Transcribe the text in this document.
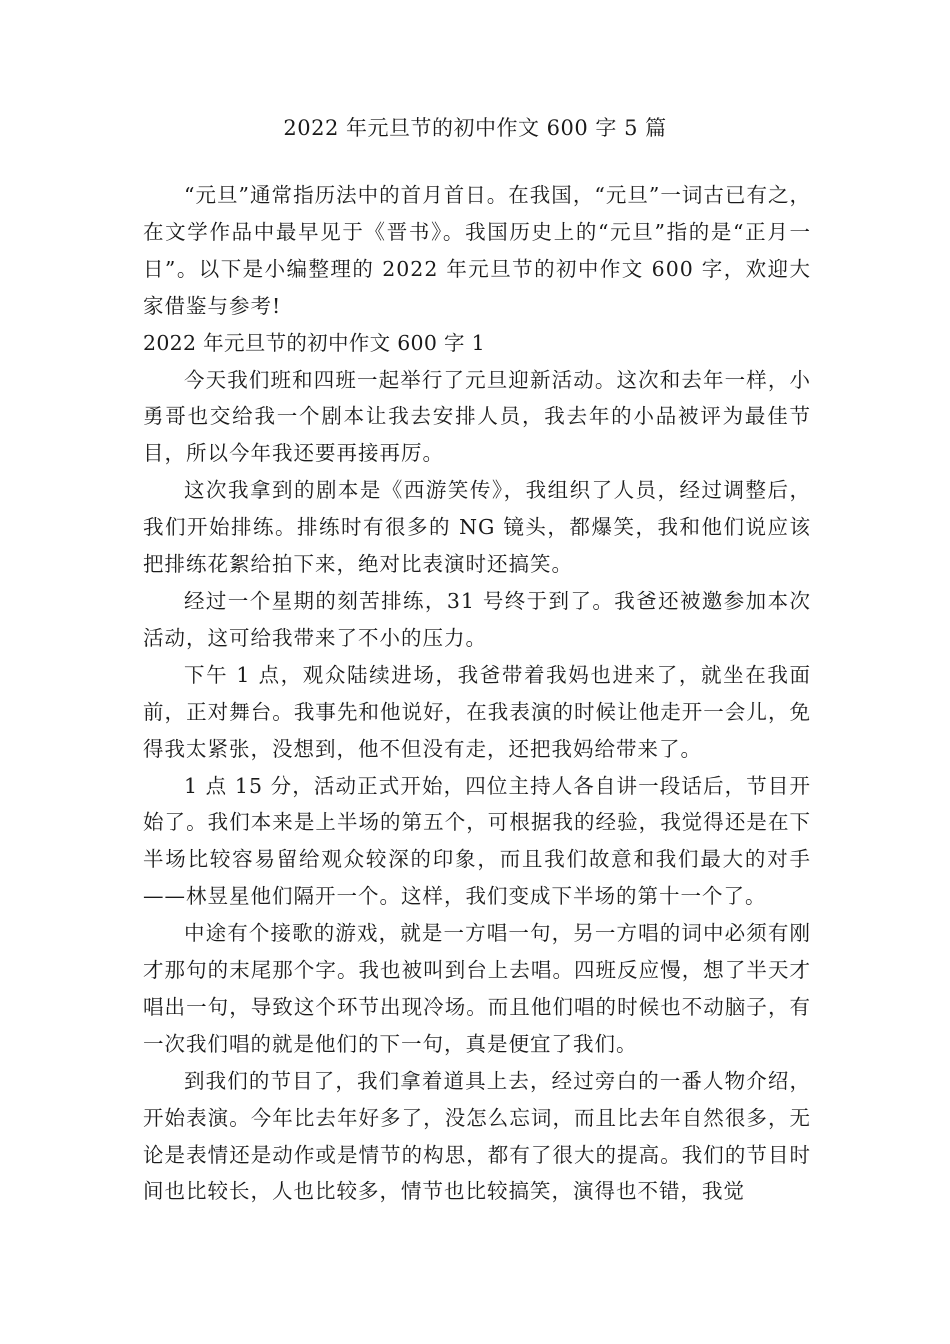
2022 年元旦节的初中作文 600 字 5 篇

“元旦”通常指历法中的首月首日。在我国，“元旦”一词古已有之，在文学作品中最早见于《晋书》。我国历史上的“元旦”指的是“正月一日”。以下是小编整理的 2022 年元旦节的初中作文 600 字，欢迎大家借鉴与参考!

2022 年元旦节的初中作文 600 字 1

今天我们班和四班一起举行了元旦迎新活动。这次和去年一样，小勇哥也交给我一个剧本让我去安排人员，我去年的小品被评为最佳节目，所以今年我还要再接再厉。

这次我拿到的剧本是《西游笑传》，我组织了人员，经过调整后，我们开始排练。排练时有很多的 NG 镜头，都爆笑，我和他们说应该把排练花絮给拍下来，绝对比表演时还搞笑。

经过一个星期的刻苦排练，31 号终于到了。我爸还被邀参加本次活动，这可给我带来了不小的压力。

下午 1 点，观众陆续进场，我爸带着我妈也进来了，就坐在我面前，正对舞台。我事先和他说好，在我表演的时候让他走开一会儿，免得我太紧张，没想到，他不但没有走，还把我妈给带来了。

1 点 15 分，活动正式开始，四位主持人各自讲一段话后，节目开始了。我们本来是上半场的第五个，可根据我的经验，我觉得还是在下半场比较容易留给观众较深的印象，而且我们故意和我们最大的对手——林昱星他们隔开一个。这样，我们变成下半场的第十一个了。

中途有个接歌的游戏，就是一方唱一句，另一方唱的词中必须有刚才那句的末尾那个字。我也被叫到台上去唱。四班反应慢，想了半天才唱出一句，导致这个环节出现冷场。而且他们唱的时候也不动脑子，有一次我们唱的就是他们的下一句，真是便宜了我们。

到我们的节目了，我们拿着道具上去，经过旁白的一番人物介绍，开始表演。今年比去年好多了，没怎么忘词，而且比去年自然很多，无论是表情还是动作或是情节的构思，都有了很大的提高。我们的节目时间也比较长，人也比较多，情节也比较搞笑，演得也不错，我觉
